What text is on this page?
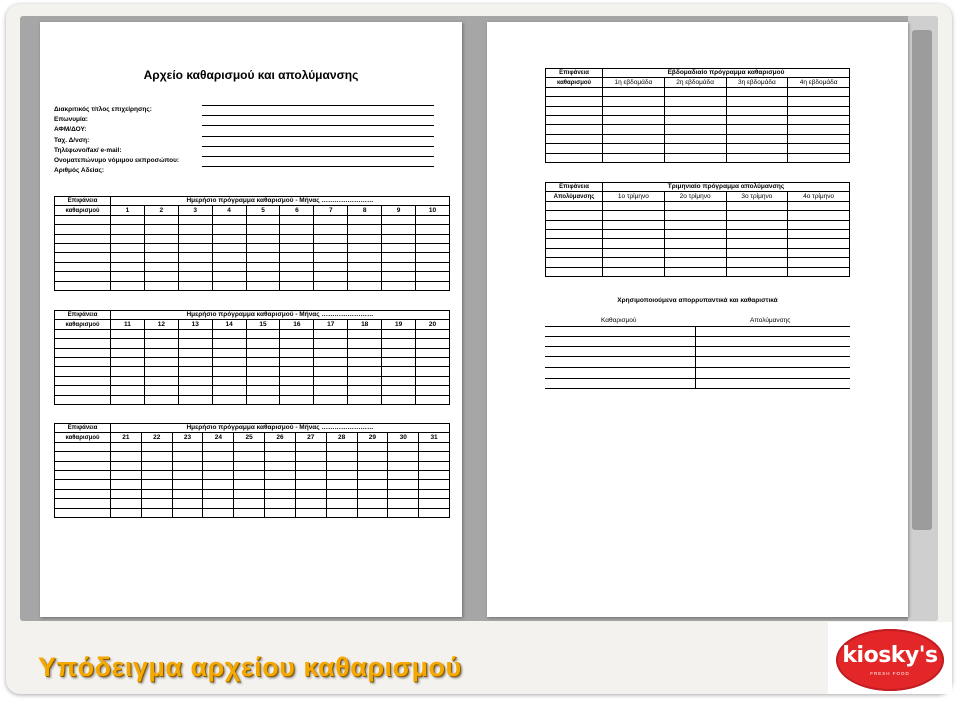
Αρχείο καθαρισμού και απολύμανσης
Διακριτικός τίτλος επιχείρησης:
Επωνυμία:
ΑΦΜ/ΔΟΥ:
Ταχ. Δ/νση:
Τηλέφωνο/fax/ e-mail:
Ονοματεπώνυμο νόμιμου εκπροσώπου:
Αριθμός Αδείας:
Επιφάνεια	Ημερήσιο πρόγραμμα καθαρισμού - Μήνας ……………………									
καθαρισμού	1	2	3	4	5	6	7	8	9	10

Επιφάνεια	Ημερήσιο πρόγραμμα καθαρισμού - Μήνας ……………………									
καθαρισμού	11	12	13	14	15	16	17	18	19	20

Επιφάνεια	Ημερήσιο πρόγραμμα καθαρισμού - Μήνας ……………………										
καθαρισμού	21	22	23	24	25	26	27	28	29	30	31

Επιφάνεια	Εβδομαδιαίο πρόγραμμα καθαρισμού			
καθαρισμού	1η εβδομάδα	2η εβδομάδα	3η εβδομάδα	4η εβδομάδα

Επιφάνεια	Τριμηνιαίο πρόγραμμα απολύμανσης			
Απολύμανσης	1ο τρίμηνο	2ο τρίμηνο	3ο τρίμηνο	4ο τρίμηνο

Χρησιμοποιούμενα απορρυπαντικά και καθαριστικά
Καθαρισμού	Απολύμανσης
Υπόδειγμα αρχείου καθαρισμού	kiosky's
FRESH FOOD
